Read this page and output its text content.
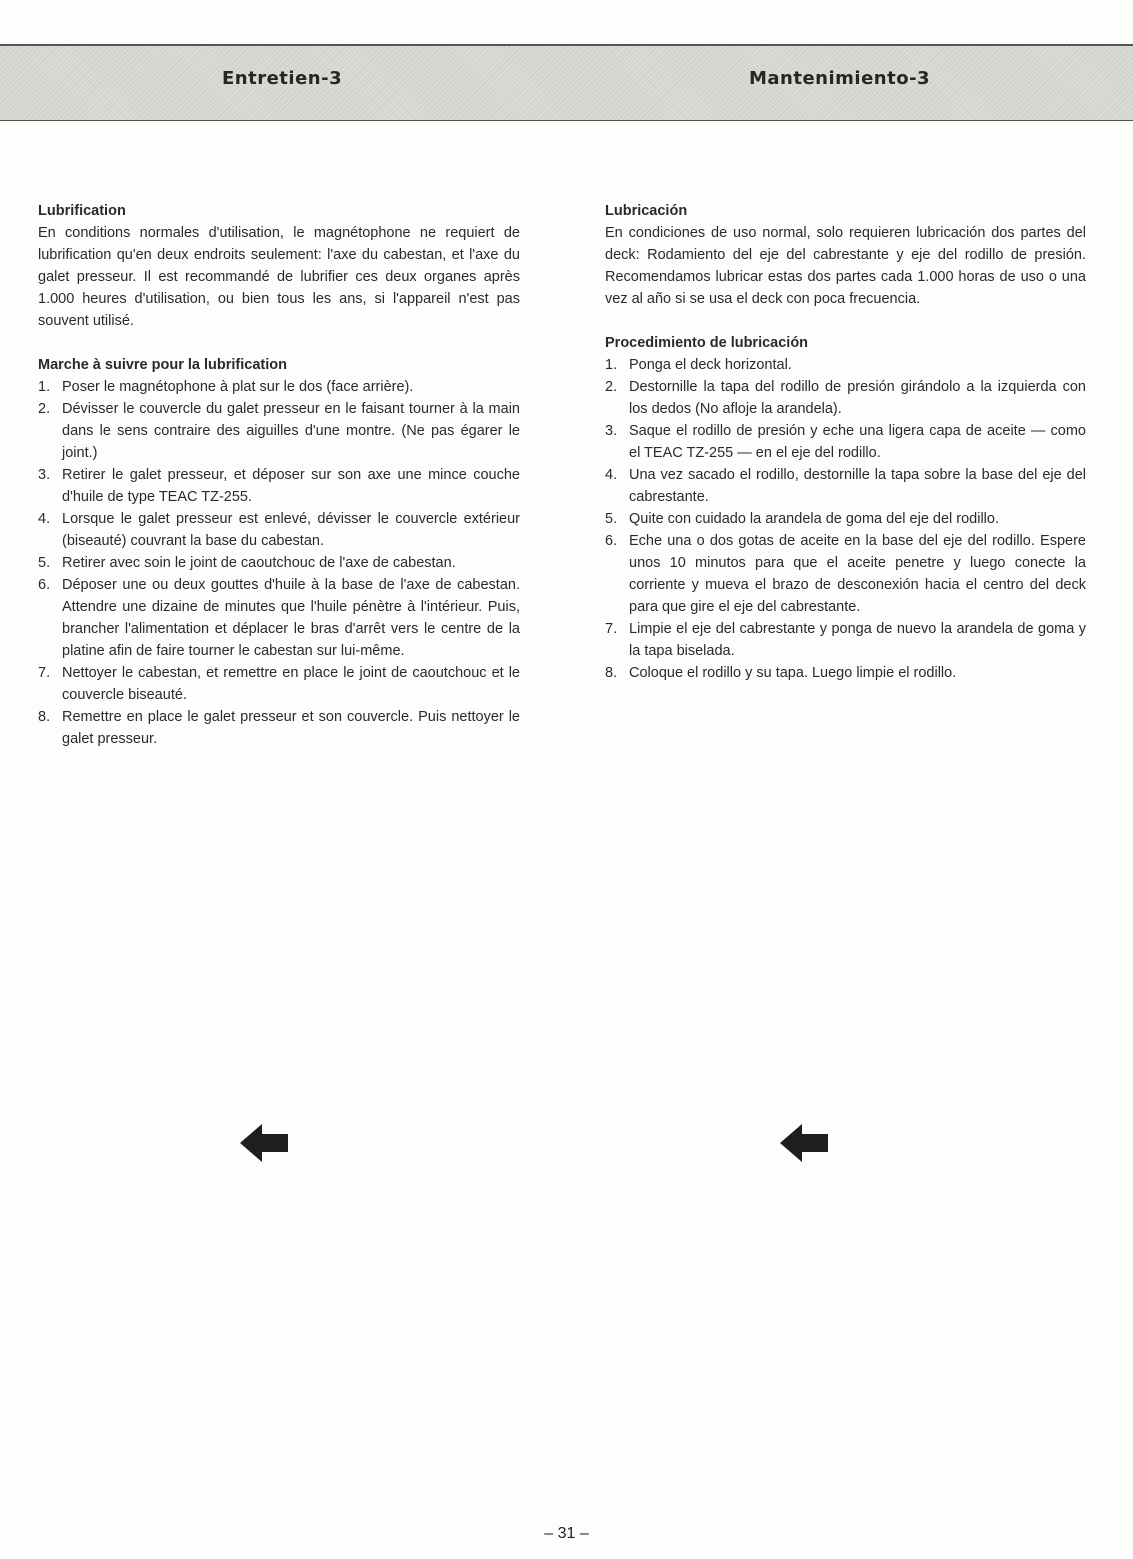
Entretien-3	Mantenimiento-3

Lubrification

En conditions normales d'utilisation, le magnétophone ne requiert de lubrification qu'en deux endroits seulement: l'axe du cabestan, et l'axe du galet presseur. Il est recommandé de lubrifier ces deux organes après 1.000 heures d'utilisation, ou bien tous les ans, si l'appareil n'est pas souvent utilisé.

Marche à suivre pour la lubrification

1. Poser le magnétophone à plat sur le dos (face arrière).
2. Dévisser le couvercle du galet presseur en le faisant tourner à la main dans le sens contraire des aiguilles d'une montre. (Ne pas égarer le joint.)
3. Retirer le galet presseur, et déposer sur son axe une mince couche d'huile de type TEAC TZ-255.
4. Lorsque le galet presseur est enlevé, dévisser le couvercle extérieur (biseauté) couvrant la base du cabestan.
5. Retirer avec soin le joint de caoutchouc de l'axe de cabestan.
6. Déposer une ou deux gouttes d'huile à la base de l'axe de cabestan. Attendre une dizaine de minutes que l'huile pénètre à l'intérieur. Puis, brancher l'alimentation et déplacer le bras d'arrêt vers le centre de la platine afin de faire tourner le cabestan sur lui-même.
7. Nettoyer le cabestan, et remettre en place le joint de caoutchouc et le couvercle biseauté.
8. Remettre en place le galet presseur et son couvercle. Puis nettoyer le galet presseur.

Lubricación

En condiciones de uso normal, solo requieren lubricación dos partes del deck: Rodamiento del eje del cabrestante y eje del rodillo de presión. Recomendamos lubricar estas dos partes cada 1.000 horas de uso o una vez al año si se usa el deck con poca frecuencia.

Procedimiento de lubricación

1. Ponga el deck horizontal.
2. Destornille la tapa del rodillo de presión girándolo a la izquierda con los dedos (No afloje la arandela).
3. Saque el rodillo de presión y eche una ligera capa de aceite — como el TEAC TZ-255 — en el eje del rodillo.
4. Una vez sacado el rodillo, destornille la tapa sobre la base del eje del cabrestante.
5. Quite con cuidado la arandela de goma del eje del rodillo.
6. Eche una o dos gotas de aceite en la base del eje del rodillo. Espere unos 10 minutos para que el aceite penetre y luego conecte la corriente y mueva el brazo de desconexión hacia el centro del deck para que gire el eje del cabrestante.
7. Limpie el eje del cabrestante y ponga de nuevo la arandela de goma y la tapa biselada.
8. Coloque el rodillo y su tapa. Luego limpie el rodillo.
– 31 –
